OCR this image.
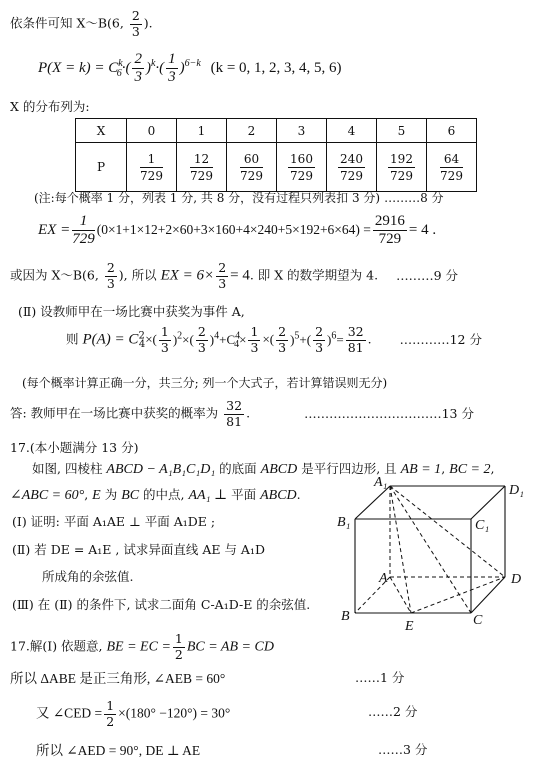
依条件可知 X～B(6, $\frac{2}{3}$ ).
$P(X = k) = C^k_6\cdot( \frac{2}{3} )^k\cdot( \frac{1}{3} )^{6-k}$ (k = 0, 1, 2, 3, 4, 5, 6)
X 的分布列为:
X	0	1	2	3	4	5	6
P	$\frac{1}{729}$	$\frac{12}{729}$	$\frac{60}{729}$	$\frac{160}{729}$	$\frac{240}{729}$	$\frac{192}{729}$	$\frac{64}{729}$
(注:每个概率 1 分，列表 1 分, 共 8 分，没有过程只列表扣 3 分) ………8 分
EX = $\frac{1}{729} (0\times 1+1\times 12+2\times 60+3\times 160+4\times 240+5\times 192+6\times 64) = \frac{2916}{729} = 4$ .
或因为 X～B(6, $\frac{2}{3}$ ), 所以 EX = $6\times \frac{2}{3} = 4$. 即 X 的数学期望为 4. ………9 分
(Ⅱ) 设教师甲在一场比赛中获奖为事件 A,
则 $P(A) = C^2_4\times( \frac{1}{3} )^2\times( \frac{2}{3} )^4+C^4_4\times \frac{1}{3}$ ×( $\frac{2}{3} )^5+( \frac{2}{3} )^6= \frac{32}{81}$ . …………12 分
(每个概率计算正确一分，共三分; 列一个大式子，若计算错误则无分)
答: 教师甲在一场比赛中获奖的概率为 $\frac{32}{81}$ .	……………………………13 分
17.(本小题满分 13 分)
如图, 四棱柱 ABCD − A₁B₁C₁D₁ 的底面 ABCD 是平行四边形, 且 AB = 1, BC = 2,
∠ABC = 60°, E 为 BC 的中点, AA₁ ⊥ 平面 ABCD.
(Ⅰ) 证明: 平面 A₁AE ⊥ 平面 A₁DE ;
(Ⅱ) 若 DE = A₁E , 试求异面直线 AE 与 A₁D
所成角的余弦值.
(Ⅲ) 在 (Ⅱ) 的条件下, 试求二面角 C-A₁D-E 的余弦值.
A₁
D₁
B₁	C₁
A	D
B
E	C
17.解(Ⅰ) 依题意, BE = EC = $\frac{1}{2}$ BC = AB = CD
所以 ΔABE 是正三角形, ∠AEB = 60°	……1 分
又 ∠CED = $\frac{1}{2} \times(180^\circ -120^\circ) = 30^\circ$	……2 分
所以 ∠AED = 90°, DE ⊥ AE	……3 分
